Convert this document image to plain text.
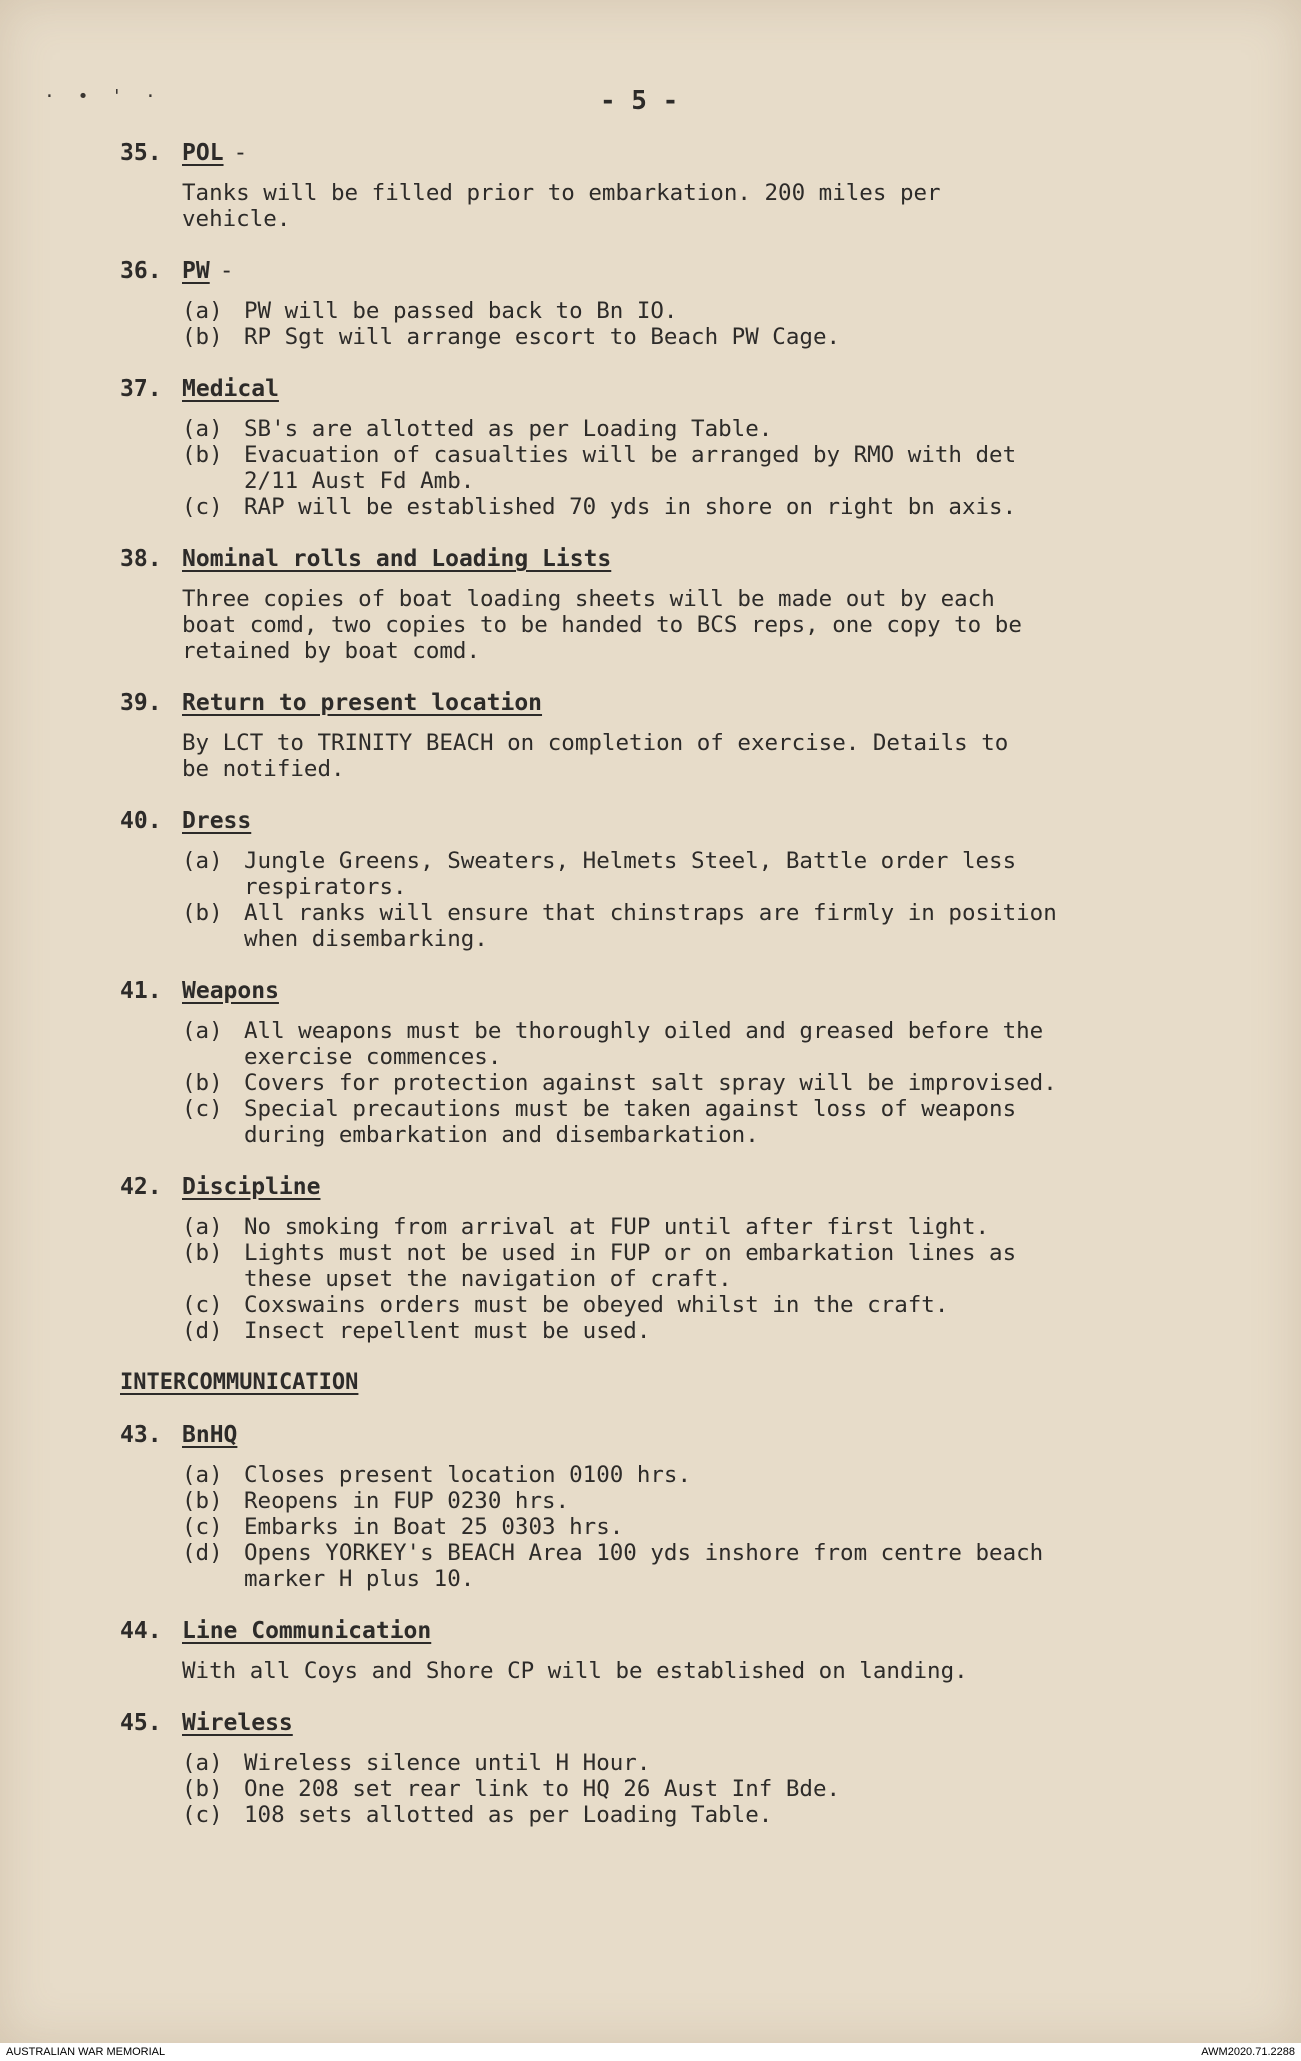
· • ' ·	- 5 -
35. POL -
Tanks will be filled prior to embarkation. 200 miles per
vehicle.
36. PW -
(a) PW will be passed back to Bn IO.
(b) RP Sgt will arrange escort to Beach PW Cage.
37. Medical
(a) SB's are allotted as per Loading Table.
(b) Evacuation of casualties will be arranged by RMO with det
2/11 Aust Fd Amb.
(c) RAP will be established 70 yds in shore on right bn axis.
38. Nominal rolls and Loading Lists
Three copies of boat loading sheets will be made out by each
boat comd, two copies to be handed to BCS reps, one copy to be
retained by boat comd.
39. Return to present location
By LCT to TRINITY BEACH on completion of exercise. Details to
be notified.
40. Dress
(a) Jungle Greens, Sweaters, Helmets Steel, Battle order less
respirators.
(b) All ranks will ensure that chinstraps are firmly in position
when disembarking.
41. Weapons
(a) All weapons must be thoroughly oiled and greased before the
exercise commences.
(b) Covers for protection against salt spray will be improvised.
(c) Special precautions must be taken against loss of weapons
during embarkation and disembarkation.
42. Discipline
(a) No smoking from arrival at FUP until after first light.
(b) Lights must not be used in FUP or on embarkation lines as
these upset the navigation of craft.
(c) Coxswains orders must be obeyed whilst in the craft.
(d) Insect repellent must be used.
INTERCOMMUNICATION
43. BnHQ
(a) Closes present location 0100 hrs.
(b) Reopens in FUP 0230 hrs.
(c) Embarks in Boat 25 0303 hrs.
(d) Opens YORKEY's BEACH Area 100 yds inshore from centre beach
marker H plus 10.
44. Line Communication
With all Coys and Shore CP will be established on landing.
45. Wireless
(a) Wireless silence until H Hour.
(b) One 208 set rear link to HQ 26 Aust Inf Bde.
(c) 108 sets allotted as per Loading Table.
AUSTRALIAN WAR MEMORIAL	AWM2020.71.2288
